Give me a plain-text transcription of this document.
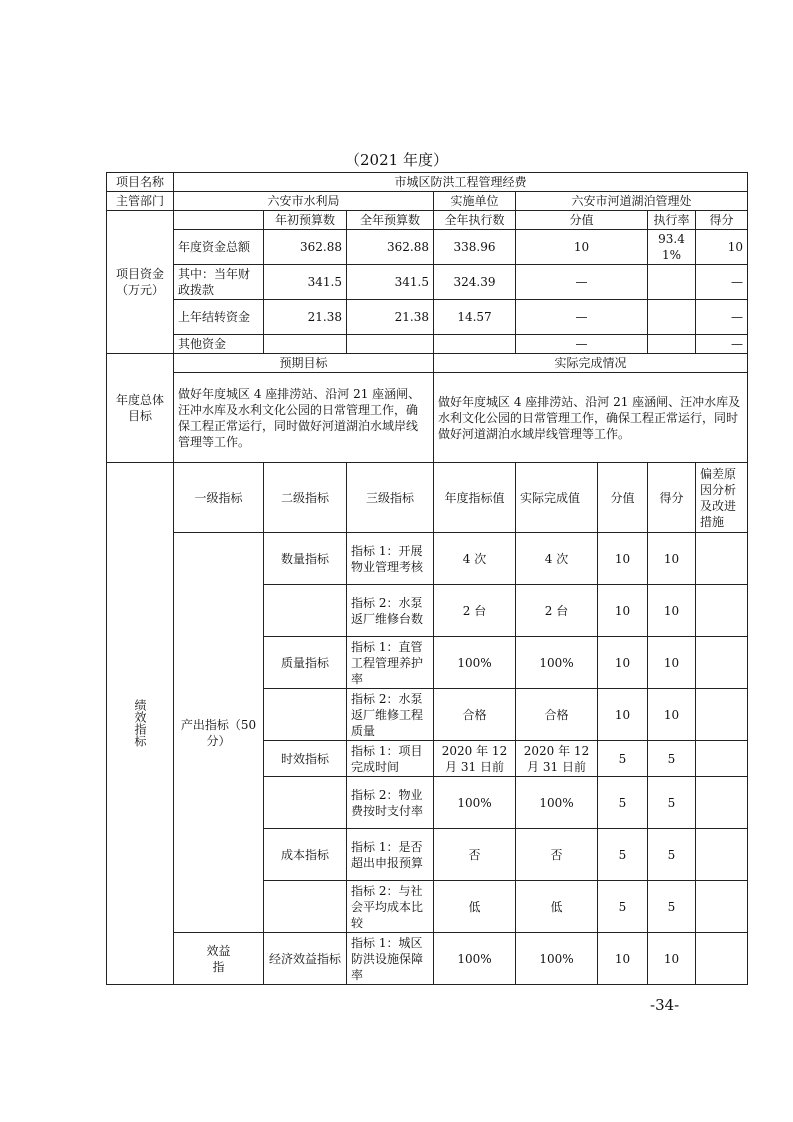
（2021 年度）
项目名称	市城区防洪工程管理经费							
主管部门	六安市水利局			实施单位	六安市河道湖泊管理处			
项目资金（万元）		年初预算数	全年预算数	全年执行数	分值		执行率	得分
	年度资金总额	362.88	362.88	338.96	10		93.41%	10
	其中：当年财政拨款	341.5	341.5	324.39	—			—
	上年结转资金	21.38	21.38	14.57	—			—
	其他资金				—			—
年度总体目标	预期目标			实际完成情况				
	做好年度城区 4 座排涝站、沿河 21 座涵闸、汪冲水库及水利文化公园的日常管理工作，确保工程正常运行，同时做好河道湖泊水域岸线管理等工作。			做好年度城区 4 座排涝站、沿河 21 座涵闸、汪冲水库及水利文化公园的日常管理工作，确保工程正常运行，同时做好河道湖泊水域岸线管理等工作。				
绩效指标	一级指标	二级指标	三级指标	年度指标值	实际完成值	分值	得分	偏差原因分析及改进措施
	产出指标（50分）	数量指标	指标 1：开展物业管理考核	4 次	4 次	10	10	
			指标 2：水泵返厂维修台数	2 台	2 台	10	10	
		质量指标	指标 1：直管工程管理养护率	100%	100%	10	10	
			指标 2：水泵返厂维修工程质量	合格	合格	10	10	
		时效指标	指标 1：项目完成时间	2020 年 12 月 31 日前	2020 年 12 月 31 日前	5	5	
			指标 2：物业费按时支付率	100%	100%	5	5	
		成本指标	指标 1：是否超出申报预算	否	否	5	5	
			指标 2：与社会平均成本比较	低	低	5	5	
	效益指	经济效益指标	指标 1：城区防洪设施保障率	100%	100%	10	10	
-34-
